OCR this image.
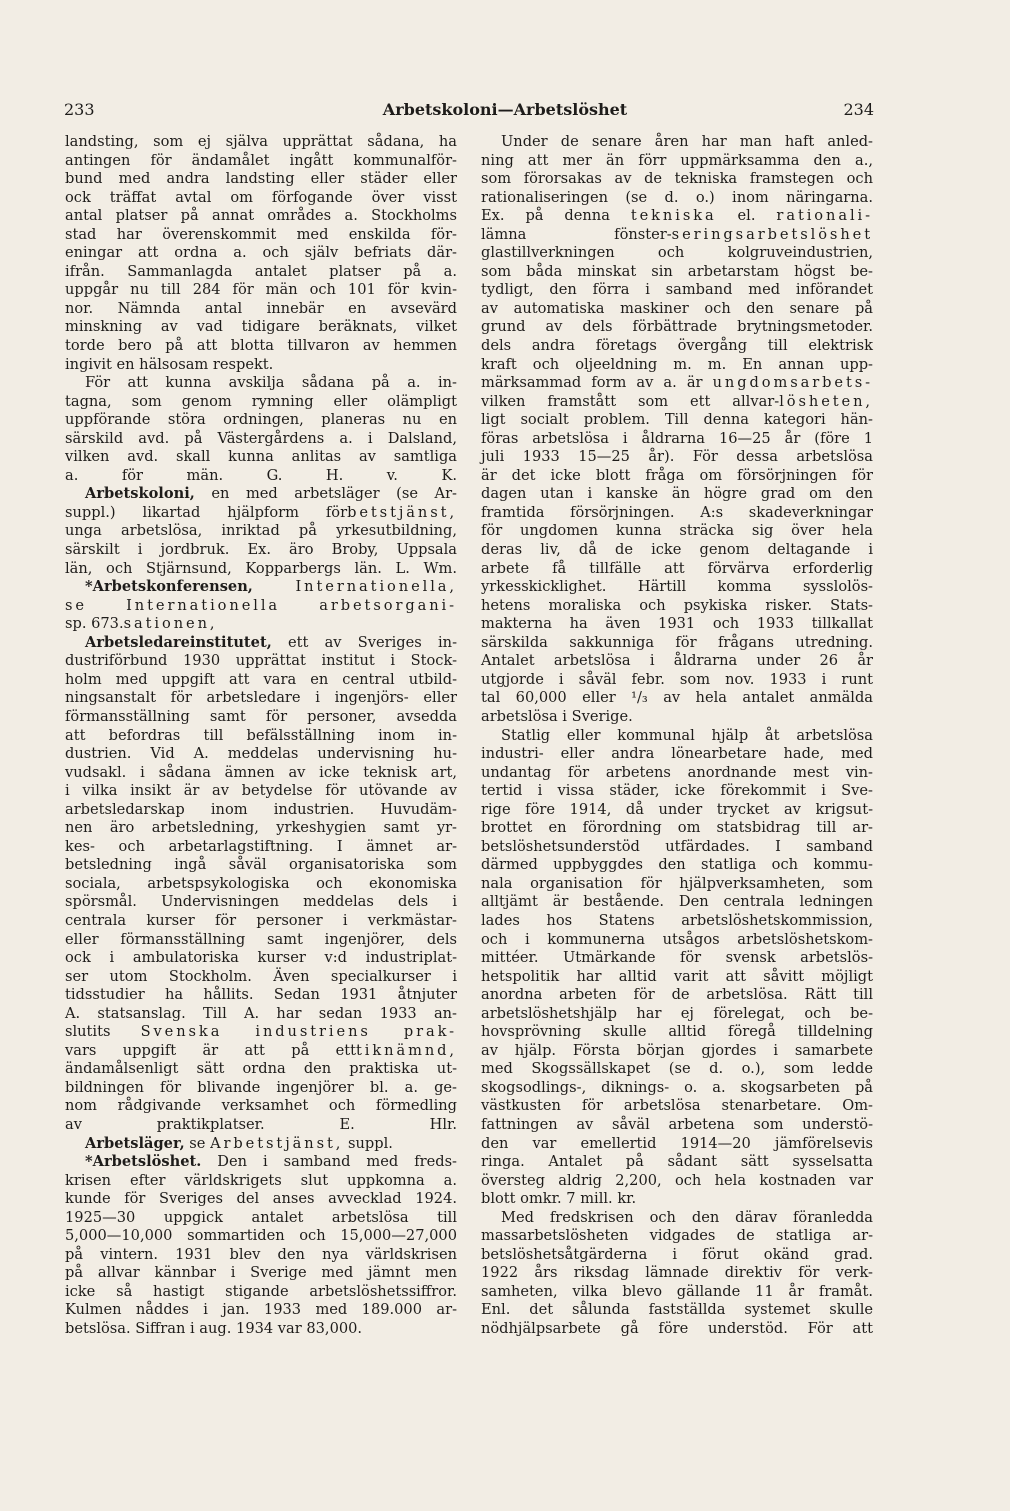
233	Arbetskoloni—Arbetslöshet	234
landsting, som ej själva upprättat sådana, ha
antingen för ändamålet ingått kommunalför-
bund med andra landsting eller städer eller
ock träffat avtal om förfogande över visst
antal platser på annat områdes a. Stockholms
stad har överenskommit med enskilda för-
eningar att ordna a. och själv befriats där-
ifrån. Sammanlagda antalet platser på a.
uppgår nu till 284 för män och 101 för kvin-
nor. Nämnda antal innebär en avsevärd
minskning av vad tidigare beräknats, vilket
torde bero på att blotta tillvaron av hemmen
ingivit en hälsosam respekt.
För att kunna avskilja sådana på a. in-
tagna, som genom rymning eller olämpligt
uppförande störa ordningen, planeras nu en
särskild avd. på Västergårdens a. i Dalsland,
vilken avd. skall kunna anlitas av samtliga
a. för män. G. H. v. K.
Arbetskoloni, en med arbetsläger (se Ar-
suppl.) likartad hjälpform förbetstjänst,
unga arbetslösa, inriktad på yrkesutbildning,
särskilt i jordbruk. Ex. äro Broby, Uppsala
län, och Stjärnsund, Kopparbergs län. L. Wm.
*Arbetskonferensen, Internationella,
se Internationella arbetsorgani-
sp. 673.sationen,
Arbetsledareinstitutet, ett av Sveriges in-
dustriförbund 1930 upprättat institut i Stock-
holm med uppgift att vara en central utbild-
ningsanstalt för arbetsledare i ingenjörs- eller
förmansställning samt för personer, avsedda
att befordras till befälsställning inom in-
dustrien. Vid A. meddelas undervisning hu-
vudsakl. i sådana ämnen av icke teknisk art,
i vilka insikt är av betydelse för utövande av
arbetsledarskap inom industrien. Huvudäm-
nen äro arbetsledning, yrkeshygien samt yr-
kes- och arbetarlagstiftning. I ämnet ar-
betsledning ingå såväl organisatoriska som
sociala, arbetspsykologiska och ekonomiska
spörsmål. Undervisningen meddelas dels i
centrala kurser för personer i verkmästar-
eller förmansställning samt ingenjörer, dels
ock i ambulatoriska kurser v:d industriplat-
ser utom Stockholm. Även specialkurser i
tidsstudier ha hållits. Sedan 1931 åtnjuter
A. statsanslag. Till A. har sedan 1933 an-
slutits Svenska industriens prak-
vars uppgift är att på etttiknämnd,
ändamålsenligt sätt ordna den praktiska ut-
bildningen för blivande ingenjörer bl. a. ge-
nom rådgivande verksamhet och förmedling
av praktikplatser. E. Hlr.
Arbetsläger, se Arbetstjänst, suppl.
*Arbetslöshet. Den i samband med freds-
krisen efter världskrigets slut uppkomna a.
kunde för Sveriges del anses avvecklad 1924.
1925—30 uppgick antalet arbetslösa till
5,000—10,000 sommartiden och 15,000—27,000
på vintern. 1931 blev den nya världskrisen
på allvar kännbar i Sverige med jämnt men
icke så hastigt stigande arbetslöshetssiffror.
Kulmen nåddes i jan. 1933 med 189.000 ar-
betslösa. Siffran i aug. 1934 var 83,000.
Under de senare åren har man haft anled-
ning att mer än förr uppmärksamma den a.,
som förorsakas av de tekniska framstegen och
rationaliseringen (se d. o.) inom näringarna.
Ex. på denna tekniska el. rationali-
lämna fönster-seringsarbetslöshet
glastillverkningen och kolgruveindustrien,
som båda minskat sin arbetarstam högst be-
tydligt, den förra i samband med införandet
av automatiska maskiner och den senare på
grund av dels förbättrade brytningsmetoder.
dels andra företags övergång till elektrisk
kraft och oljeeldning m. m. En annan upp-
märksammad form av a. är ungdomsarbets-
vilken framstått som ett allvar-lösheten,
ligt socialt problem. Till denna kategori hän-
föras arbetslösa i åldrarna 16—25 år (före 1
juli 1933 15—25 år). För dessa arbetslösa
är det icke blott fråga om försörjningen för
dagen utan i kanske än högre grad om den
framtida försörjningen. A:s skadeverkningar
för ungdomen kunna sträcka sig över hela
deras liv, då de icke genom deltagande i
arbete få tillfälle att förvärva erforderlig
yrkesskicklighet. Härtill komma sysslolös-
hetens moraliska och psykiska risker. Stats-
makterna ha även 1931 och 1933 tillkallat
särskilda sakkunniga för frågans utredning.
Antalet arbetslösa i åldrarna under 26 år
utgjorde i såväl febr. som nov. 1933 i runt
tal 60,000 eller ¹/₃ av hela antalet anmälda
arbetslösa i Sverige.
Statlig eller kommunal hjälp åt arbetslösa
industri- eller andra lönearbetare hade, med
undantag för arbetens anordnande mest vin-
tertid i vissa städer, icke förekommit i Sve-
rige före 1914, då under trycket av krigsut-
brottet en förordning om statsbidrag till ar-
betslöshetsunderstöd utfärdades. I samband
därmed uppbyggdes den statliga och kommu-
nala organisation för hjälpverksamheten, som
alltjämt är bestående. Den centrala ledningen
lades hos Statens arbetslöshetskommission,
och i kommunerna utsågos arbetslöshetskom-
mittéer. Utmärkande för svensk arbetslös-
hetspolitik har alltid varit att såvitt möjligt
anordna arbeten för de arbetslösa. Rätt till
arbetslöshetshjälp har ej förelegat, och be-
hovsprövning skulle alltid föregå tilldelning
av hjälp. Första början gjordes i samarbete
med Skogssällskapet (se d. o.), som ledde
skogsodlings-, diknings- o. a. skogsarbeten på
västkusten för arbetslösa stenarbetare. Om-
fattningen av såväl arbetena som understö-
den var emellertid 1914—20 jämförelsevis
ringa. Antalet på sådant sätt sysselsatta
översteg aldrig 2,200, och hela kostnaden var
blott omkr. 7 mill. kr.
Med fredskrisen och den därav föranledda
massarbetslösheten vidgades de statliga ar-
betslöshetsåtgärderna i förut okänd grad.
1922 års riksdag lämnade direktiv för verk-
samheten, vilka blevo gällande 11 år framåt.
Enl. det sålunda fastställda systemet skulle
nödhjälpsarbete gå före understöd. För att
